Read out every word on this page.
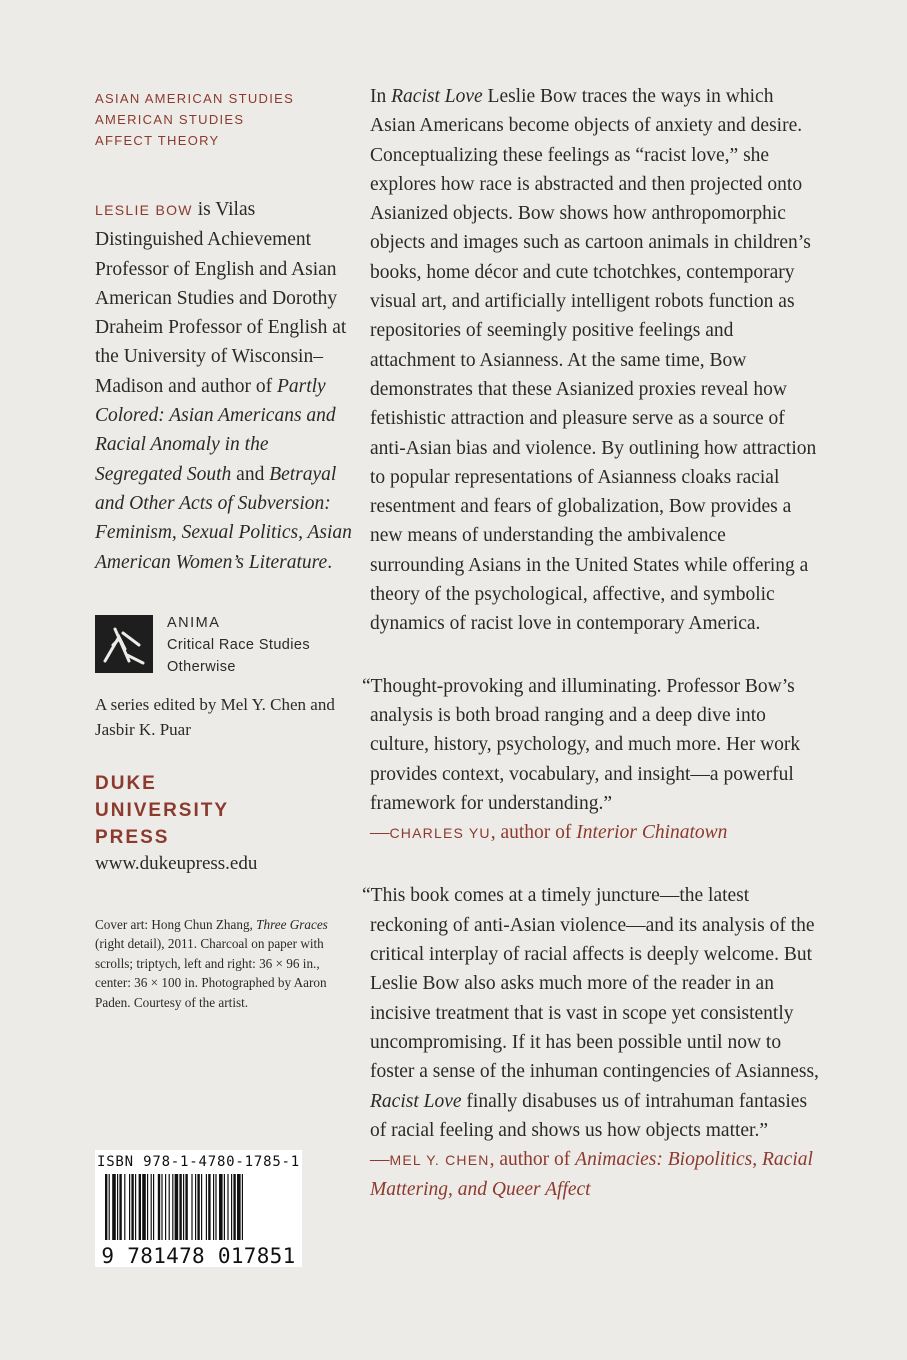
ASIAN AMERICAN STUDIES
AMERICAN STUDIES
AFFECT THEORY
LESLIE BOW is Vilas Distinguished Achievement Professor of English and Asian American Studies and Dorothy Draheim Professor of English at the University of Wisconsin–Madison and author of Partly Colored: Asian Americans and Racial Anomaly in the Segregated South and Betrayal and Other Acts of Subversion: Feminism, Sexual Politics, Asian American Women’s Literature.
ANIMA
Critical Race Studies
Otherwise
A series edited by Mel Y. Chen and Jasbir K. Puar
DUKE
UNIVERSITY
PRESS
www.dukeupress.edu
Cover art: Hong Chun Zhang, Three Graces (right detail), 2011. Charcoal on paper with scrolls; triptych, left and right: 36 × 96 in., center: 36 × 100 in. Photographed by Aaron Paden. Courtesy of the artist.
ISBN 978-1-4780-1785-1
9 781478 017851
In Racist Love Leslie Bow traces the ways in which Asian Americans become objects of anxiety and desire. Conceptualizing these feelings as “racist love,” she explores how race is abstracted and then projected onto Asianized objects. Bow shows how anthropomorphic objects and images such as cartoon animals in children’s books, home décor and cute tchotchkes, contemporary visual art, and artificially intelligent robots function as repositories of seemingly positive feelings and attachment to Asianness. At the same time, Bow demonstrates that these Asianized proxies reveal how fetishistic attraction and pleasure serve as a source of anti-Asian bias and violence. By outlining how attraction to popular representations of Asianness cloaks racial resentment and fears of globalization, Bow provides a new means of understanding the ambivalence surrounding Asians in the United States while offering a theory of the psychological, affective, and symbolic dynamics of racist love in contemporary America.
“Thought-provoking and illuminating. Professor Bow’s analysis is both broad ranging and a deep dive into culture, history, psychology, and much more. Her work provides context, vocabulary, and insight—a powerful framework for understanding.”
—CHARLES YU, author of Interior Chinatown
“This book comes at a timely juncture—the latest reckoning of anti-Asian violence—and its analysis of the critical interplay of racial affects is deeply welcome. But Leslie Bow also asks much more of the reader in an incisive treatment that is vast in scope yet consistently uncompromising. If it has been possible until now to foster a sense of the inhuman contingencies of Asianness, Racist Love finally disabuses us of intrahuman fantasies of racial feeling and shows us how objects matter.”
—MEL Y. CHEN, author of Animacies: Biopolitics, Racial Mattering, and Queer Affect
